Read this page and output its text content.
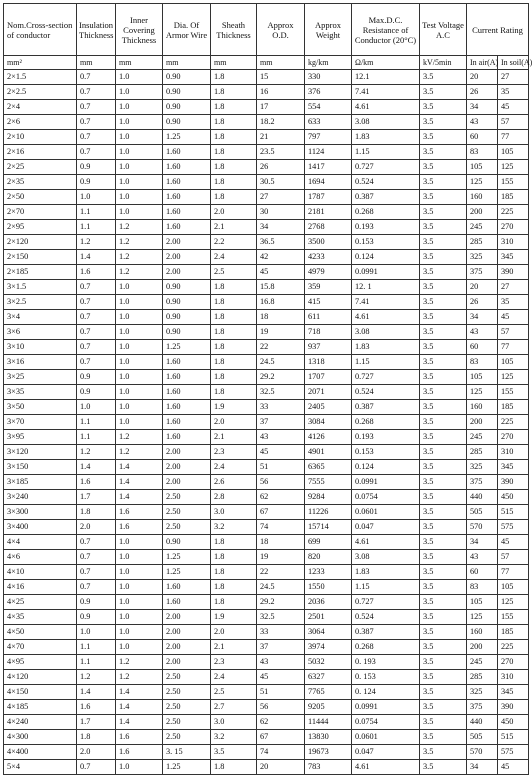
Nom.Cross-section of conductor	Insulation Thickness	Inner Covering Thickness	Dia. Of Armor Wire	Sheath Thickness	Approx O.D.	Approx Weight	Max.D.C. Resistance of Conductor (20°C)	Test Voltage A.C	Current Rating	
mm²	mm	mm	mm	mm	mm	kg/km	Ω/km	kV/5min	In air(A)	In soil(A)
2×1.5	0.7	1.0	0.90	1.8	15	330	12.1	3.5	20	27
2×2.5	0.7	1.0	0.90	1.8	16	376	7.41	3.5	26	35
2×4	0.7	1.0	0.90	1.8	17	554	4.61	3.5	34	45
2×6	0.7	1.0	0.90	1.8	18.2	633	3.08	3.5	43	57
2×10	0.7	1.0	1.25	1.8	21	797	1.83	3.5	60	77
2×16	0.7	1.0	1.60	1.8	23.5	1124	1.15	3.5	83	105
2×25	0.9	1.0	1.60	1.8	26	1417	0.727	3.5	105	125
2×35	0.9	1.0	1.60	1.8	30.5	1694	0.524	3.5	125	155
2×50	1.0	1.0	1.60	1.8	27	1787	0.387	3.5	160	185
2×70	1.1	1.0	1.60	2.0	30	2181	0.268	3.5	200	225
2×95	1.1	1.2	1.60	2.1	34	2768	0.193	3.5	245	270
2×120	1.2	1.2	2.00	2.2	36.5	3500	0.153	3.5	285	310
2×150	1.4	1.2	2.00	2.4	42	4233	0.124	3.5	325	345
2×185	1.6	1.2	2.00	2.5	45	4979	0.0991	3.5	375	390
3×1.5	0.7	1.0	0.90	1.8	15.8	359	12. 1	3.5	20	27
3×2.5	0.7	1.0	0.90	1.8	16.8	415	7.41	3.5	26	35
3×4	0.7	1.0	0.90	1.8	18	611	4.61	3.5	34	45
3×6	0.7	1.0	0.90	1.8	19	718	3.08	3.5	43	57
3×10	0.7	1.0	1.25	1.8	22	937	1.83	3.5	60	77
3×16	0.7	1.0	1.60	1.8	24.5	1318	1.15	3.5	83	105
3×25	0.9	1.0	1.60	1.8	29.2	1707	0.727	3.5	105	125
3×35	0.9	1.0	1.60	1.8	32.5	2071	0.524	3.5	125	155
3×50	1.0	1.0	1.60	1.9	33	2405	0.387	3.5	160	185
3×70	1.1	1.0	1.60	2.0	37	3084	0.268	3.5	200	225
3×95	1.1	1.2	1.60	2.1	43	4126	0.193	3.5	245	270
3×120	1.2	1.2	2.00	2.3	45	4901	0.153	3.5	285	310
3×150	1.4	1.4	2.00	2.4	51	6365	0.124	3.5	325	345
3×185	1.6	1.4	2.00	2.6	56	7555	0.0991	3.5	375	390
3×240	1.7	1.4	2.50	2.8	62	9284	0.0754	3.5	440	450
3×300	1.8	1.6	2.50	3.0	67	11226	0.0601	3.5	505	515
3×400	2.0	1.6	2.50	3.2	74	15714	0.047	3.5	570	575
4×4	0.7	1.0	0.90	1.8	18	699	4.61	3.5	34	45
4×6	0.7	1.0	1.25	1.8	19	820	3.08	3.5	43	57
4×10	0.7	1.0	1.25	1.8	22	1233	1.83	3.5	60	77
4×16	0.7	1.0	1.60	1.8	24.5	1550	1.15	3.5	83	105
4×25	0.9	1.0	1.60	1.8	29.2	2036	0.727	3.5	105	125
4×35	0.9	1.0	2.00	1.9	32.5	2501	0.524	3.5	125	155
4×50	1.0	1.0	2.00	2.0	33	3064	0.387	3.5	160	185
4×70	1.1	1.0	2.00	2.1	37	3974	0.268	3.5	200	225
4×95	1.1	1.2	2.00	2.3	43	5032	0. 193	3.5	245	270
4×120	1.2	1.2	2.50	2.4	45	6327	0. 153	3.5	285	310
4×150	1.4	1.4	2.50	2.5	51	7765	0. 124	3.5	325	345
4×185	1.6	1.4	2.50	2.7	56	9205	0.0991	3.5	375	390
4×240	1.7	1.4	2.50	3.0	62	11444	0.0754	3.5	440	450
4×300	1.8	1.6	2.50	3.2	67	13830	0.0601	3.5	505	515
4×400	2.0	1.6	3. 15	3.5	74	19673	0.047	3.5	570	575
5×4	0.7	1.0	1.25	1.8	20	783	4.61	3.5	34	45
